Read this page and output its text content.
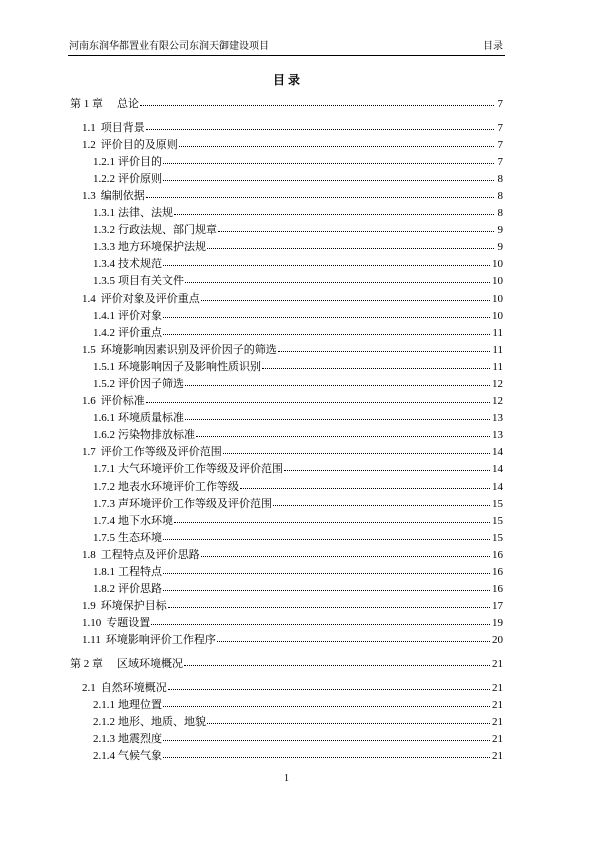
河南东润华都置业有限公司东润天御建设项目	目录
目 录
第 1 章 总论	7
1.1 项目背景	7
1.2 评价目的及原则	7
1.2.1 评价目的	7
1.2.2 评价原则	8
1.3 编制依据	8
1.3.1 法律、法规	8
1.3.2 行政法规、部门规章	9
1.3.3 地方环境保护法规	9
1.3.4 技术规范	10
1.3.5 项目有关文件	10
1.4 评价对象及评价重点	10
1.4.1 评价对象	10
1.4.2 评价重点	11
1.5 环境影响因素识别及评价因子的筛选	11
1.5.1 环境影响因子及影响性质识别	11
1.5.2 评价因子筛选	12
1.6 评价标准	12
1.6.1 环境质量标准	13
1.6.2 污染物排放标准	13
1.7 评价工作等级及评价范围	14
1.7.1 大气环境评价工作等级及评价范围	14
1.7.2 地表水环境评价工作等级	14
1.7.3 声环境评价工作等级及评价范围	15
1.7.4 地下水环境	15
1.7.5 生态环境	15
1.8 工程特点及评价思路	16
1.8.1 工程特点	16
1.8.2 评价思路	16
1.9 环境保护目标	17
1.10 专题设置	19
1.11 环境影响评价工作程序	20
第 2 章 区域环境概况	21
2.1 自然环境概况	21
2.1.1 地理位置	21
2.1.2 地形、地质、地貌	21
2.1.3 地震烈度	21
2.1.4 气候气象	21
1
